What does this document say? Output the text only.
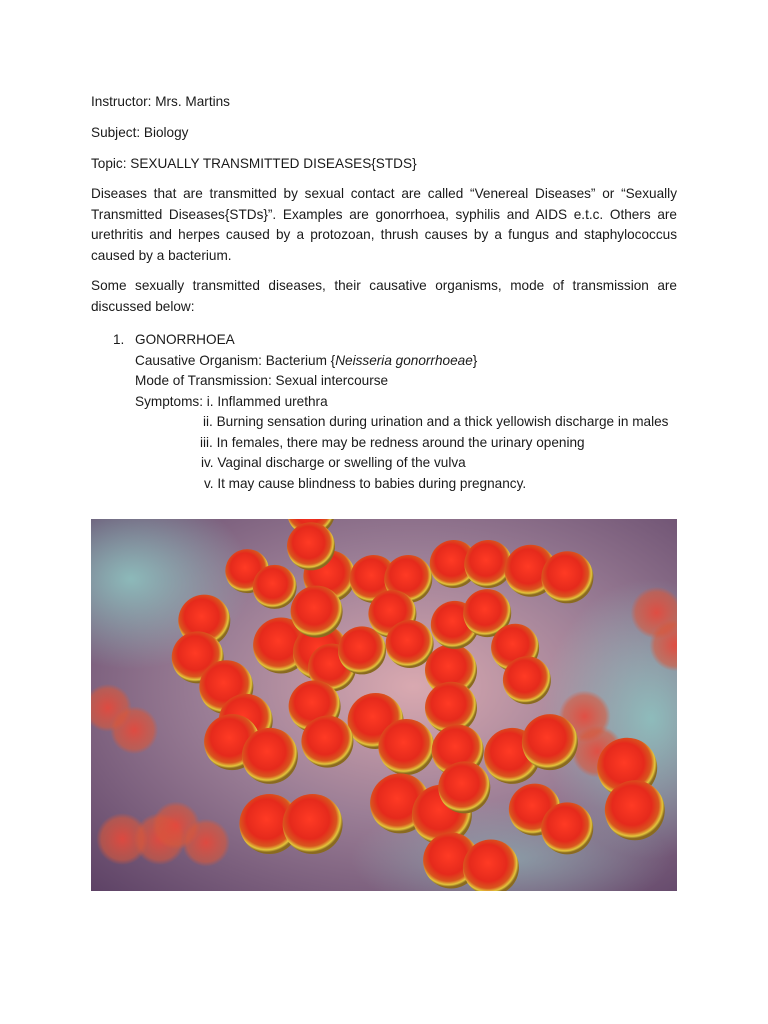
Instructor: Mrs. Martins
Subject: Biology
Topic: SEXUALLY TRANSMITTED DISEASES{STDS}
Diseases that are transmitted by sexual contact are called “Venereal Diseases” or “Sexually Transmitted Diseases{STDs}”. Examples are gonorrhoea, syphilis and AIDS e.t.c. Others are urethritis and herpes caused by a protozoan, thrush causes by a fungus and staphylococcus caused by a bacterium.
Some sexually transmitted diseases, their causative organisms, mode of transmission are discussed below:
1. GONORRHOEA
Causative Organism: Bacterium {Neisseria gonorrhoeae}
Mode of Transmission: Sexual intercourse
Symptoms: i. Inflammed urethra
ii. Burning sensation during urination and a thick yellowish discharge in males
iii. In females, there may be redness around the urinary opening
iv. Vaginal discharge or swelling of the vulva
v. It may cause blindness to babies during pregnancy.
